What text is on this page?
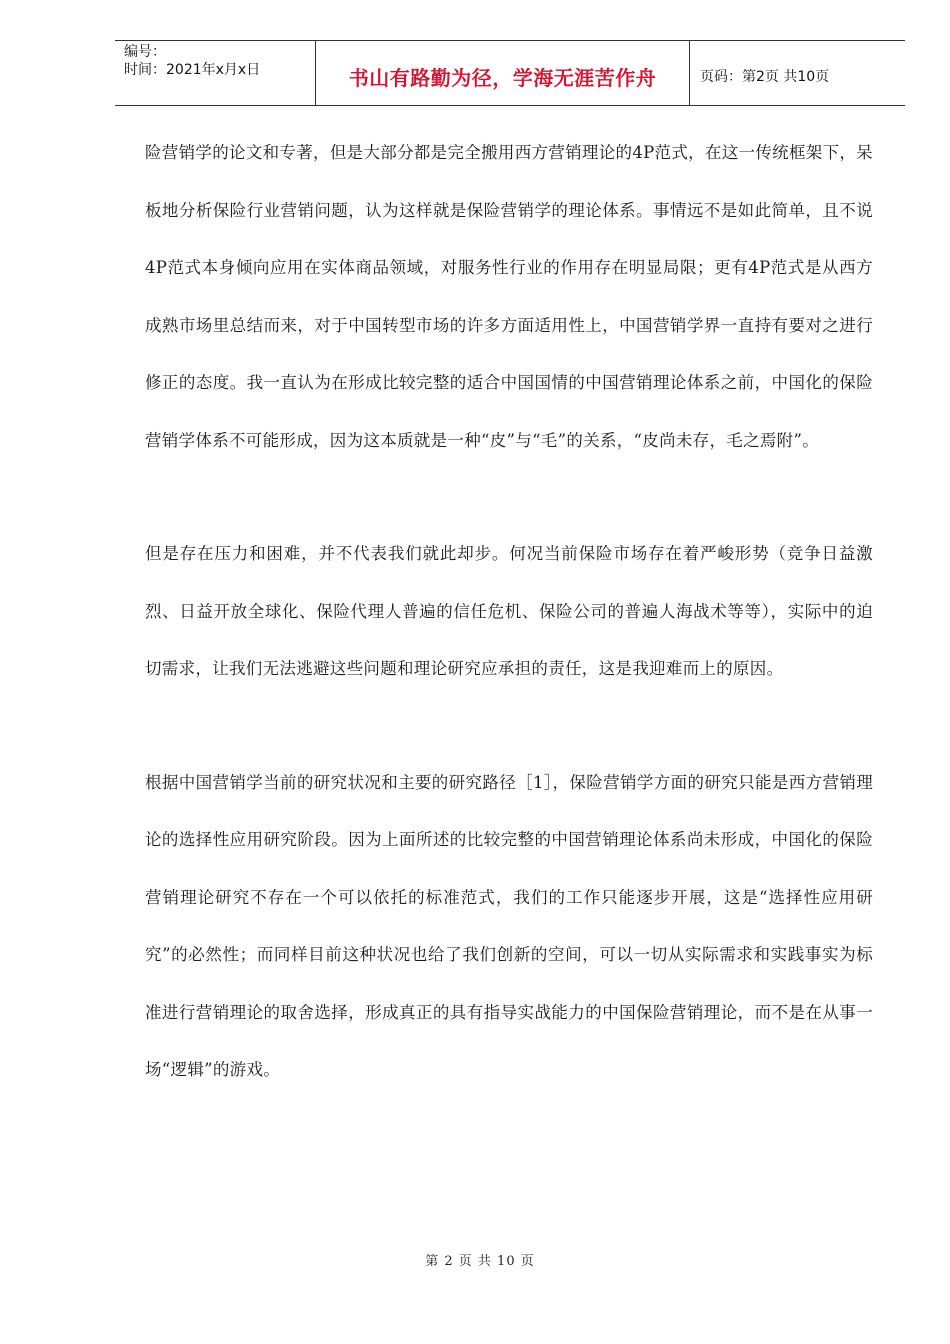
编号：
时间：2021年x月x日	书山有路勤为径，学海无涯苦作舟	页码：第2页 共10页

险营销学的论文和专著，但是大部分都是完全搬用西方营销理论的4P范式，在这一传统框架下，呆板地分析保险行业营销问题，认为这样就是保险营销学的理论体系。事情远不是如此简单，且不说4P范式本身倾向应用在实体商品领域，对服务性行业的作用存在明显局限；更有4P范式是从西方成熟市场里总结而来，对于中国转型市场的许多方面适用性上，中国营销学界一直持有要对之进行修正的态度。我一直认为在形成比较完整的适合中国国情的中国营销理论体系之前，中国化的保险营销学体系不可能形成，因为这本质就是一种“皮”与“毛”的关系，“皮尚未存，毛之焉附”。

但是存在压力和困难，并不代表我们就此却步。何况当前保险市场存在着严峻形势（竞争日益激烈、日益开放全球化、保险代理人普遍的信任危机、保险公司的普遍人海战术等等），实际中的迫切需求，让我们无法逃避这些问题和理论研究应承担的责任，这是我迎难而上的原因。

根据中国营销学当前的研究状况和主要的研究路径［1］，保险营销学方面的研究只能是西方营销理论的选择性应用研究阶段。因为上面所述的比较完整的中国营销理论体系尚未形成，中国化的保险营销理论研究不存在一个可以依托的标准范式，我们的工作只能逐步开展，这是“选择性应用研究”的必然性；而同样目前这种状况也给了我们创新的空间，可以一切从实际需求和实践事实为标准进行营销理论的取舍选择，形成真正的具有指导实战能力的中国保险营销理论，而不是在从事一场“逻辑”的游戏。

第 2 页 共 10 页
